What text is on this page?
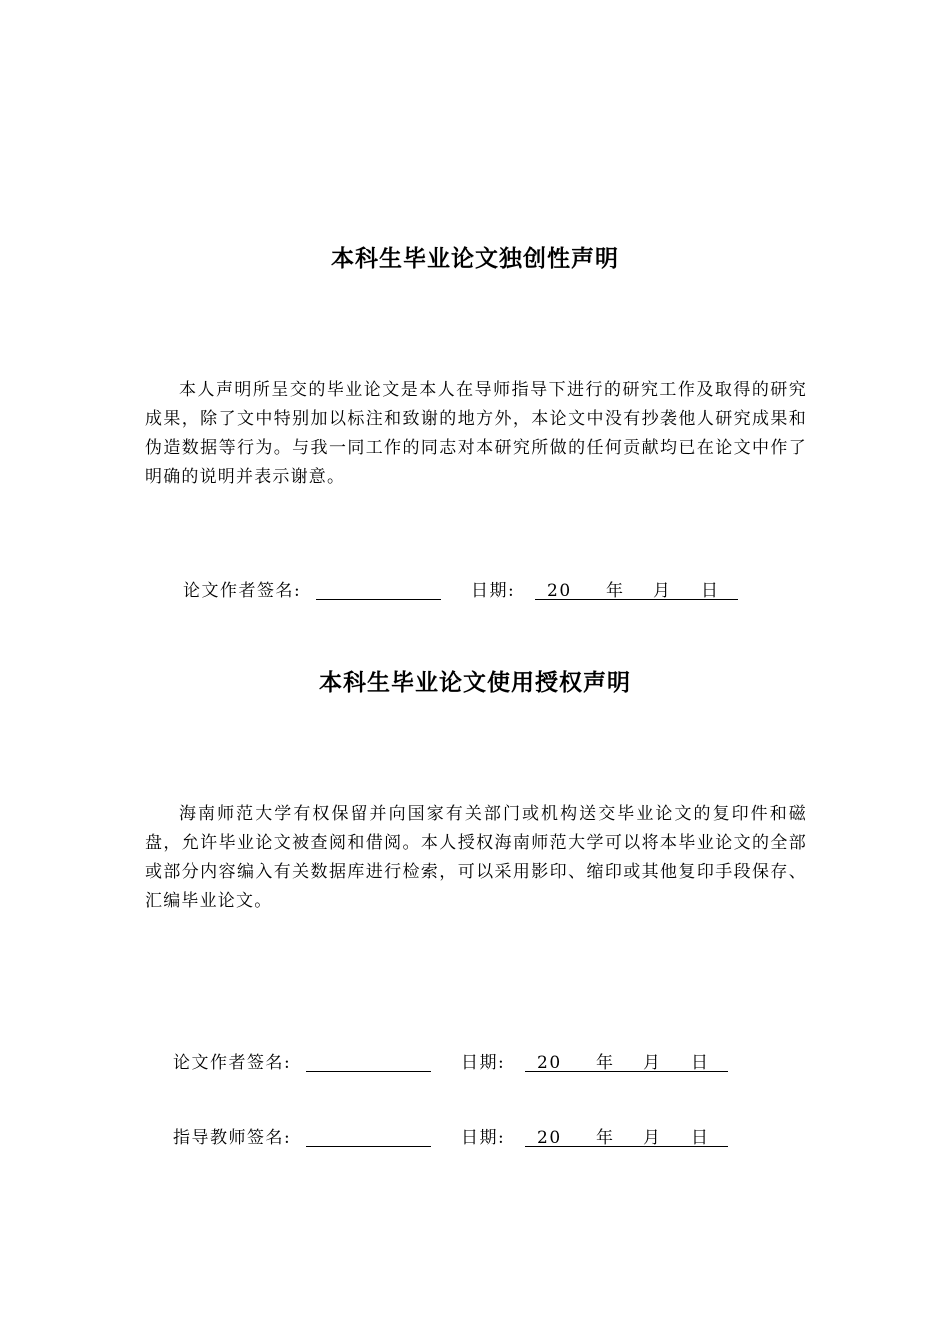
本科生毕业论文独创性声明

本人声明所呈交的毕业论文是本人在导师指导下进行的研究工作及取得的研究成果，除了文中特别加以标注和致谢的地方外，本论文中没有抄袭他人研究成果和伪造数据等行为。与我一同工作的同志对本研究所做的任何贡献均已在论文中作了明确的说明并表示谢意。

论文作者签名:	日期: 20 年 月 日
本科生毕业论文使用授权声明

海南师范大学有权保留并向国家有关部门或机构送交毕业论文的复印件和磁盘，允许毕业论文被查阅和借阅。本人授权海南师范大学可以将本毕业论文的全部或部分内容编入有关数据库进行检索，可以采用影印、缩印或其他复印手段保存、汇编毕业论文。

论文作者签名:	日期: 20 年 月 日
指导教师签名:	日期: 20 年 月 日
